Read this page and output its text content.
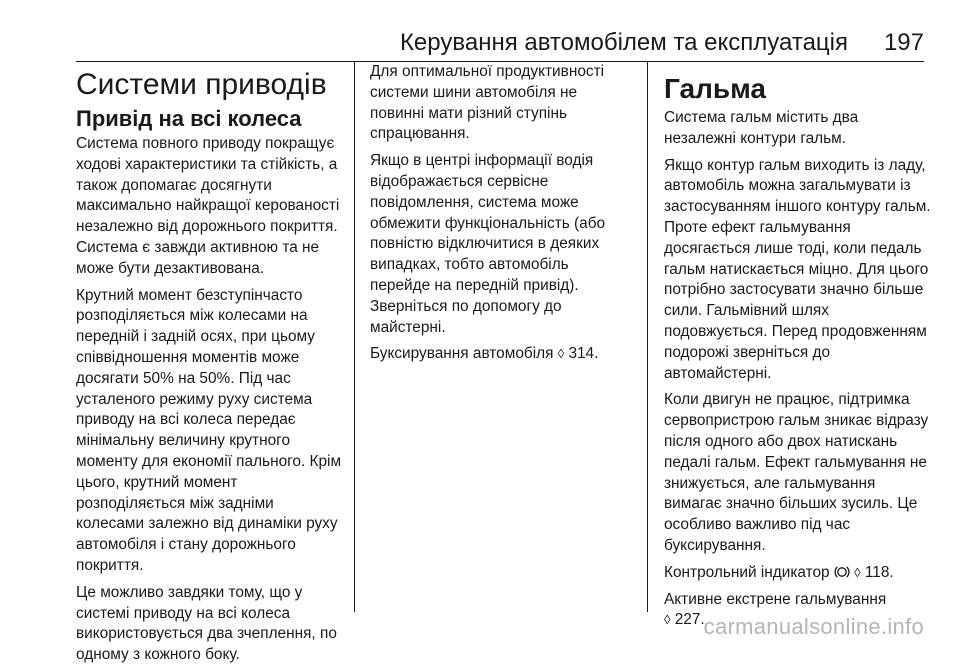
Керування автомобілем та експлуатація 197
Системи приводів
Привід на всі колеса

Система повного приводу покращує ходові характеристики та стійкість, а також допомагає досягнути максимально найкращої керованості незалежно від дорожнього покриття. Система є завжди активною та не може бути дезактивована.

Крутний момент безступінчасто розподіляється між колесами на передній і задній осях, при цьому співвідношення моментів може досягати 50% на 50%. Під час усталеного режиму руху система приводу на всі колеса передає мінімальну величину крутного моменту для економії пального. Крім цього, крутний момент розподіляється між задніми колесами залежно від динаміки руху автомобіля і стану дорожнього покриття.

Це можливо завдяки тому, що у системі приводу на всі колеса використовується два зчеплення, по одному з кожного боку.

Для оптимальної продуктивності системи шини автомобіля не повинні мати різний ступінь спрацювання.

Якщо в центрі інформації водія відображається сервісне повідомлення, система може обмежити функціональність (або повністю відключитися в деяких випадках, тобто автомобіль перейде на передній привід). Зверніться по допомогу до майстерні.

Буксирування автомобіля ◊ 314.

Гальма

Система гальм містить два незалежні контури гальм.

Якщо контур гальм виходить із ладу, автомобіль можна загальмувати із застосуванням іншого контуру гальм. Проте ефект гальмування досягається лише тоді, коли педаль гальм натискається міцно. Для цього потрібно застосувати значно більше сили. Гальмівний шлях подовжується. Перед продовженням подорожі зверніться до автомайстерні.

Коли двигун не працює, підтримка сервопристрою гальм зникає відразу після одного або двох натискань педалі гальм. Ефект гальмування не знижується, але гальмування вимагає значно більших зусиль. Це особливо важливо під час буксирування.

Контрольний індикатор ◊ 118.

Активне екстрене гальмування
◊ 227.

carmanualsonline.info
